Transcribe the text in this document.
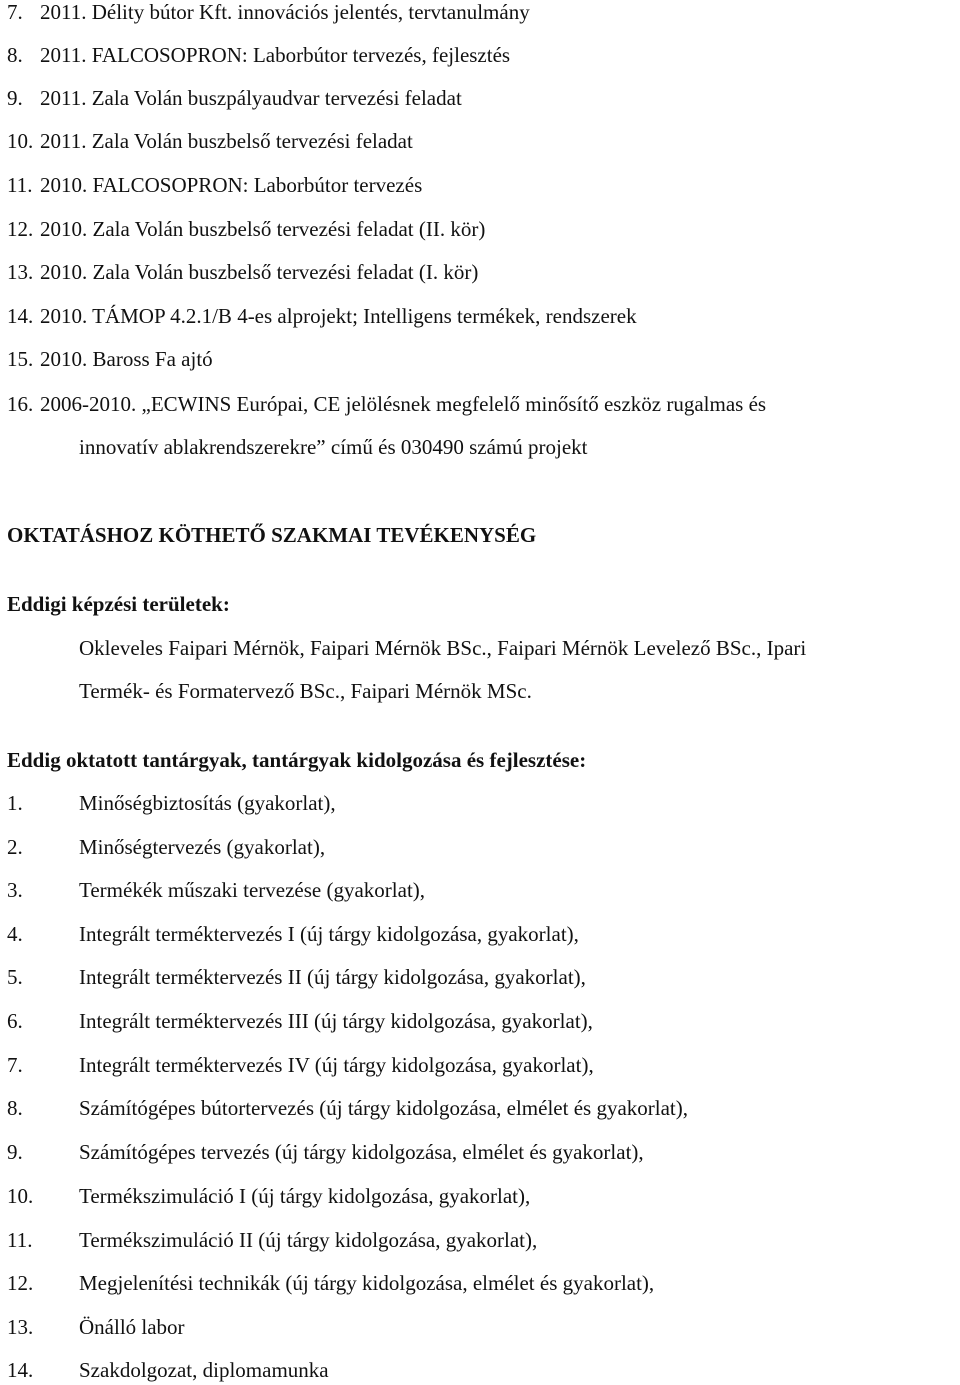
7. 2011. Délity bútor Kft. innovációs jelentés, tervtanulmány
8. 2011. FALCOSOPRON: Laborbútor tervezés, fejlesztés
9. 2011. Zala Volán buszpályaudvar tervezési feladat
10. 2011. Zala Volán buszbelső tervezési feladat
11. 2010. FALCOSOPRON: Laborbútor tervezés
12. 2010. Zala Volán buszbelső tervezési feladat (II. kör)
13. 2010. Zala Volán buszbelső tervezési feladat (I. kör)
14. 2010. TÁMOP 4.2.1/B 4-es alprojekt; Intelligens termékek, rendszerek
15. 2010. Baross Fa ajtó
16. 2006-2010. „ECWINS Európai, CE jelölésnek megfelelő minősítő eszköz rugalmas és
innovatív ablakrendszerekre” című és 030490 számú projekt
OKTATÁSHOZ KÖTHETŐ SZAKMAI TEVÉKENYSÉG
Eddigi képzési területek:
Okleveles Faipari Mérnök, Faipari Mérnök BSc., Faipari Mérnök Levelező BSc., Ipari
Termék- és Formatervező BSc., Faipari Mérnök MSc.
Eddig oktatott tantárgyak, tantárgyak kidolgozása és fejlesztése:
1.	Minőségbiztosítás (gyakorlat),
2.	Minőségtervezés (gyakorlat),
3.	Termékék műszaki tervezése (gyakorlat),
4.	Integrált terméktervezés I (új tárgy kidolgozása, gyakorlat),
5.	Integrált terméktervezés II (új tárgy kidolgozása, gyakorlat),
6.	Integrált terméktervezés III (új tárgy kidolgozása, gyakorlat),
7.	Integrált terméktervezés IV (új tárgy kidolgozása, gyakorlat),
8.	Számítógépes bútortervezés (új tárgy kidolgozása, elmélet és gyakorlat),
9.	Számítógépes tervezés (új tárgy kidolgozása, elmélet és gyakorlat),
10. Termékszimuláció I (új tárgy kidolgozása, gyakorlat),
11. Termékszimuláció II (új tárgy kidolgozása, gyakorlat),
12. Megjelenítési technikák (új tárgy kidolgozása, elmélet és gyakorlat),
13. Önálló labor
14. Szakdolgozat, diplomamunka
